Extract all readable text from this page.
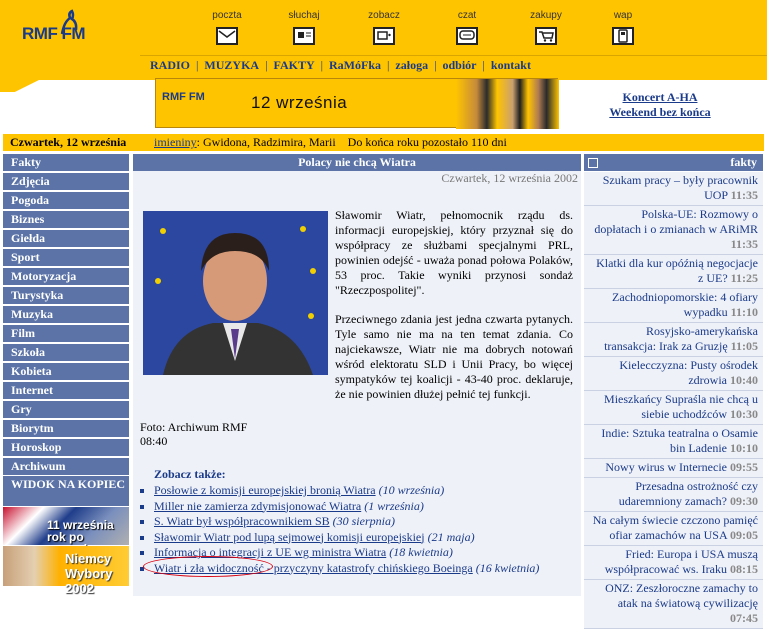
RMF FM
poczta	słuchaj	zobacz	czat	zakupy	wap
RADIO | MUZYKA | FAKTY | RaMóFka | załoga | odbiór | kontakt
RMF FM	12 września	Koncert A-HA
Weekend bez końca
Czwartek, 12 września imieniny: Gwidona, Radzimira, Marii Do końca roku pozostało 110 dni
Fakty
Zdjęcia
Pogoda
Biznes
Giełda
Sport
Motoryzacja
Turystyka
Muzyka
Film
Szkoła
Kobieta
Internet
Gry
Biorytm
Horoskop
Archiwum
WIDOK NA KOPIEC
11 września rok po
Niemcy
Wybory 2002
Polacy nie chcą Wiatra
Czwartek, 12 września 2002

Sławomir Wiatr, pełnomocnik rządu ds. informacji europejskiej, który przyznał się do współpracy ze służbami specjalnymi PRL, powinien odejść - uważa ponad połowa Polaków, 53 proc. Takie wyniki przynosi sondaż "Rzeczpospolitej".

Przeciwnego zdania jest jedna czwarta pytanych. Tyle samo nie ma na ten temat zdania. Co najciekawsze, Wiatr nie ma dobrych notowań wśród elektoratu SLD i Unii Pracy, bo więcej sympatyków tej koalicji - 43-40 proc. deklaruje, że nie powinien dłużej pełnić tej funkcji.

Foto: Archiwum RMF
08:40
Zobacz także:
Posłowie z komisji europejskiej bronią Wiatra (10 września)
Miller nie zamierza zdymisjonować Wiatra (1 września)
S. Wiatr był współpracownikiem SB (30 sierpnia)
Sławomir Wiatr pod lupą sejmowej komisji europejskiej (21 maja)
Informacja o integracji z UE wg ministra Wiatra (18 kwietnia)
Wiatr i zła widoczność - przyczyny katastrofy chińskiego Boeinga (16 kwietnia)
fakty
Szukam pracy – były pracownik UOP 11:35
Polska-UE: Rozmowy o dopłatach i o zmianach w ARiMR 11:35
Klatki dla kur opóźnią negocjacje z UE? 11:25
Zachodniopomorskie: 4 ofiary wypadku 11:10
Rosyjsko-amerykańska transakcja: Irak za Gruzję 11:05
Kielecczyzna: Pusty ośrodek zdrowia 10:40
Mieszkańcy Supraśla nie chcą u siebie uchodźców 10:30
Indie: Sztuka teatralna o Osamie bin Ladenie 10:10
Nowy wirus w Internecie 09:55
Przesadna ostrożność czy udaremniony zamach? 09:30
Na całym świecie czczono pamięć ofiar zamachów na USA 09:05
Fried: Europa i USA muszą współpracować ws. Iraku 08:15
ONZ: Zeszłoroczne zamachy to atak na światową cywilizację 07:45
